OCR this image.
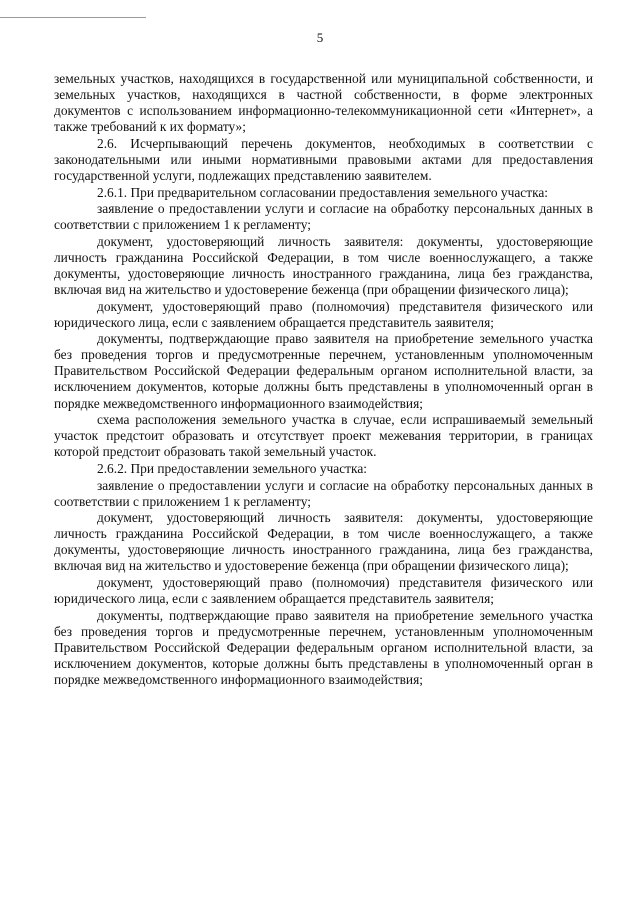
5

земельных участков, находящихся в государственной или муниципальной собственности, и земельных участков, находящихся в частной собственности, в форме электронных документов с использованием информационно-телекоммуникационной сети «Интернет», а также требований к их формату»;

2.6. Исчерпывающий перечень документов, необходимых в соответствии с законодательными или иными нормативными правовыми актами для предоставления государственной услуги, подлежащих представлению заявителем.

2.6.1. При предварительном согласовании предоставления земельного участка:

заявление о предоставлении услуги и согласие на обработку персональных данных в соответствии с приложением 1 к регламенту;

документ, удостоверяющий личность заявителя: документы, удостоверяющие личность гражданина Российской Федерации, в том числе военнослужащего, а также документы, удостоверяющие личность иностранного гражданина, лица без гражданства, включая вид на жительство и удостоверение беженца (при обращении физического лица);

документ, удостоверяющий право (полномочия) представителя физического или юридического лица, если с заявлением обращается представитель заявителя;

документы, подтверждающие право заявителя на приобретение земельного участка без проведения торгов и предусмотренные перечнем, установленным уполномоченным Правительством Российской Федерации федеральным органом исполнительной власти, за исключением документов, которые должны быть представлены в уполномоченный орган в порядке межведомственного информационного взаимодействия;

схема расположения земельного участка в случае, если испрашиваемый земельный участок предстоит образовать и отсутствует проект межевания территории, в границах которой предстоит образовать такой земельный участок.

2.6.2. При предоставлении земельного участка:

заявление о предоставлении услуги и согласие на обработку персональных данных в соответствии с приложением 1 к регламенту;

документ, удостоверяющий личность заявителя: документы, удостоверяющие личность гражданина Российской Федерации, в том числе военнослужащего, а также документы, удостоверяющие личность иностранного гражданина, лица без гражданства, включая вид на жительство и удостоверение беженца (при обращении физического лица);

документ, удостоверяющий право (полномочия) представителя физического или юридического лица, если с заявлением обращается представитель заявителя;

документы, подтверждающие право заявителя на приобретение земельного участка без проведения торгов и предусмотренные перечнем, установленным уполномоченным Правительством Российской Федерации федеральным органом исполнительной власти, за исключением документов, которые должны быть представлены в уполномоченный орган в порядке межведомственного информационного взаимодействия;
